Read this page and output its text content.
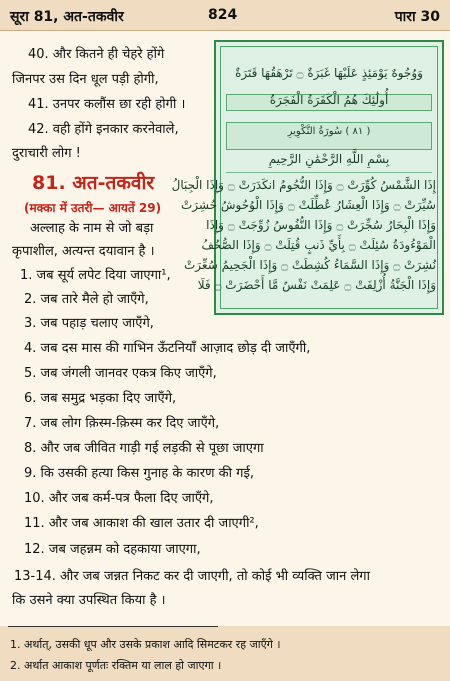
सूरा 81, अत-तकवीर	824	पारा 30
40. और कितने ही चेहरे होंगे
जिनपर उस दिन धूल पड़ी होगी,
41. उनपर कलौंस छा रही होगी ।
42. वही होंगे इनकार करनेवाले,
दुराचारी लोग !
81. अत-तकवीर
(मक्का में उतरी— आयतें 29)
अल्लाह के नाम से जो बड़ा
कृपाशील, अत्यन्त दयावान है ।
1. जब सूर्य लपेट दिया जाएगा¹,
2. जब तारे मैले हो जाएँगे,
3. जब पहाड़ चलाए जाएँगे,
4. जब दस मास की गाभिन ऊँटनियाँ आज़ाद छोड़ दी जाएँगी,
5. जब जंगली जानवर एकत्र किए जाएँगे,
6. जब समुद्र भड़का दिए जाएँगे,
7. जब लोग क़िस्म-क़िस्म कर दिए जाएँगे,
8. और जब जीवित गाड़ी गई लड़की से पूछा जाएगा
9. कि उसकी हत्या किस गुनाह के कारण की गई,
10. और जब कर्म-पत्र फैला दिए जाएँगे,
11. और जब आकाश की खाल उतार दी जाएगी²,
12. जब जहन्नम को दहकाया जाएगा,
13-14. और जब जन्नत निकट कर दी जाएगी, तो कोई भी व्यक्ति जान लेगा
कि उसने क्या उपस्थित किया है ।
وَوُجُوهٌ يَوْمَئِذٍ عَلَيْهَا غَبَرَةٌ ۝ تَرْهَقُهَا قَتَرَةٌ
أُولَٰئِكَ هُمُ الْكَفَرَةُ الْفَجَرَةُ
( ٨١ ) سُورَةُ التَّكْوِيرِ
بِسْمِ اللَّهِ الرَّحْمَٰنِ الرَّحِيمِ
إِذَا الشَّمْسُ كُوِّرَتْ ۝ وَإِذَا النُّجُومُ انكَدَرَتْ ۝ وَإِذَا الْجِبَالُ
سُيِّرَتْ ۝ وَإِذَا الْعِشَارُ عُطِّلَتْ ۝ وَإِذَا الْوُحُوشُ حُشِرَتْ
وَإِذَا الْبِحَارُ سُجِّرَتْ ۝ وَإِذَا النُّفُوسُ زُوِّجَتْ ۝ وَإِذَا
الْمَوْءُودَةُ سُئِلَتْ ۝ بِأَيِّ ذَنبٍ قُتِلَتْ ۝ وَإِذَا الصُّحُفُ
نُشِرَتْ ۝ وَإِذَا السَّمَاءُ كُشِطَتْ ۝ وَإِذَا الْجَحِيمُ سُعِّرَتْ
وَإِذَا الْجَنَّةُ أُزْلِفَتْ ۝ عَلِمَتْ نَفْسٌ مَّا أَحْضَرَتْ ۝ فَلَا
1. अर्थात्, उसकी धूप और उसके प्रकाश आदि सिमटकर रह जाएँगे ।
2. अर्थात आकाश पूर्णतः रक्तिम या लाल हो जाएगा ।
